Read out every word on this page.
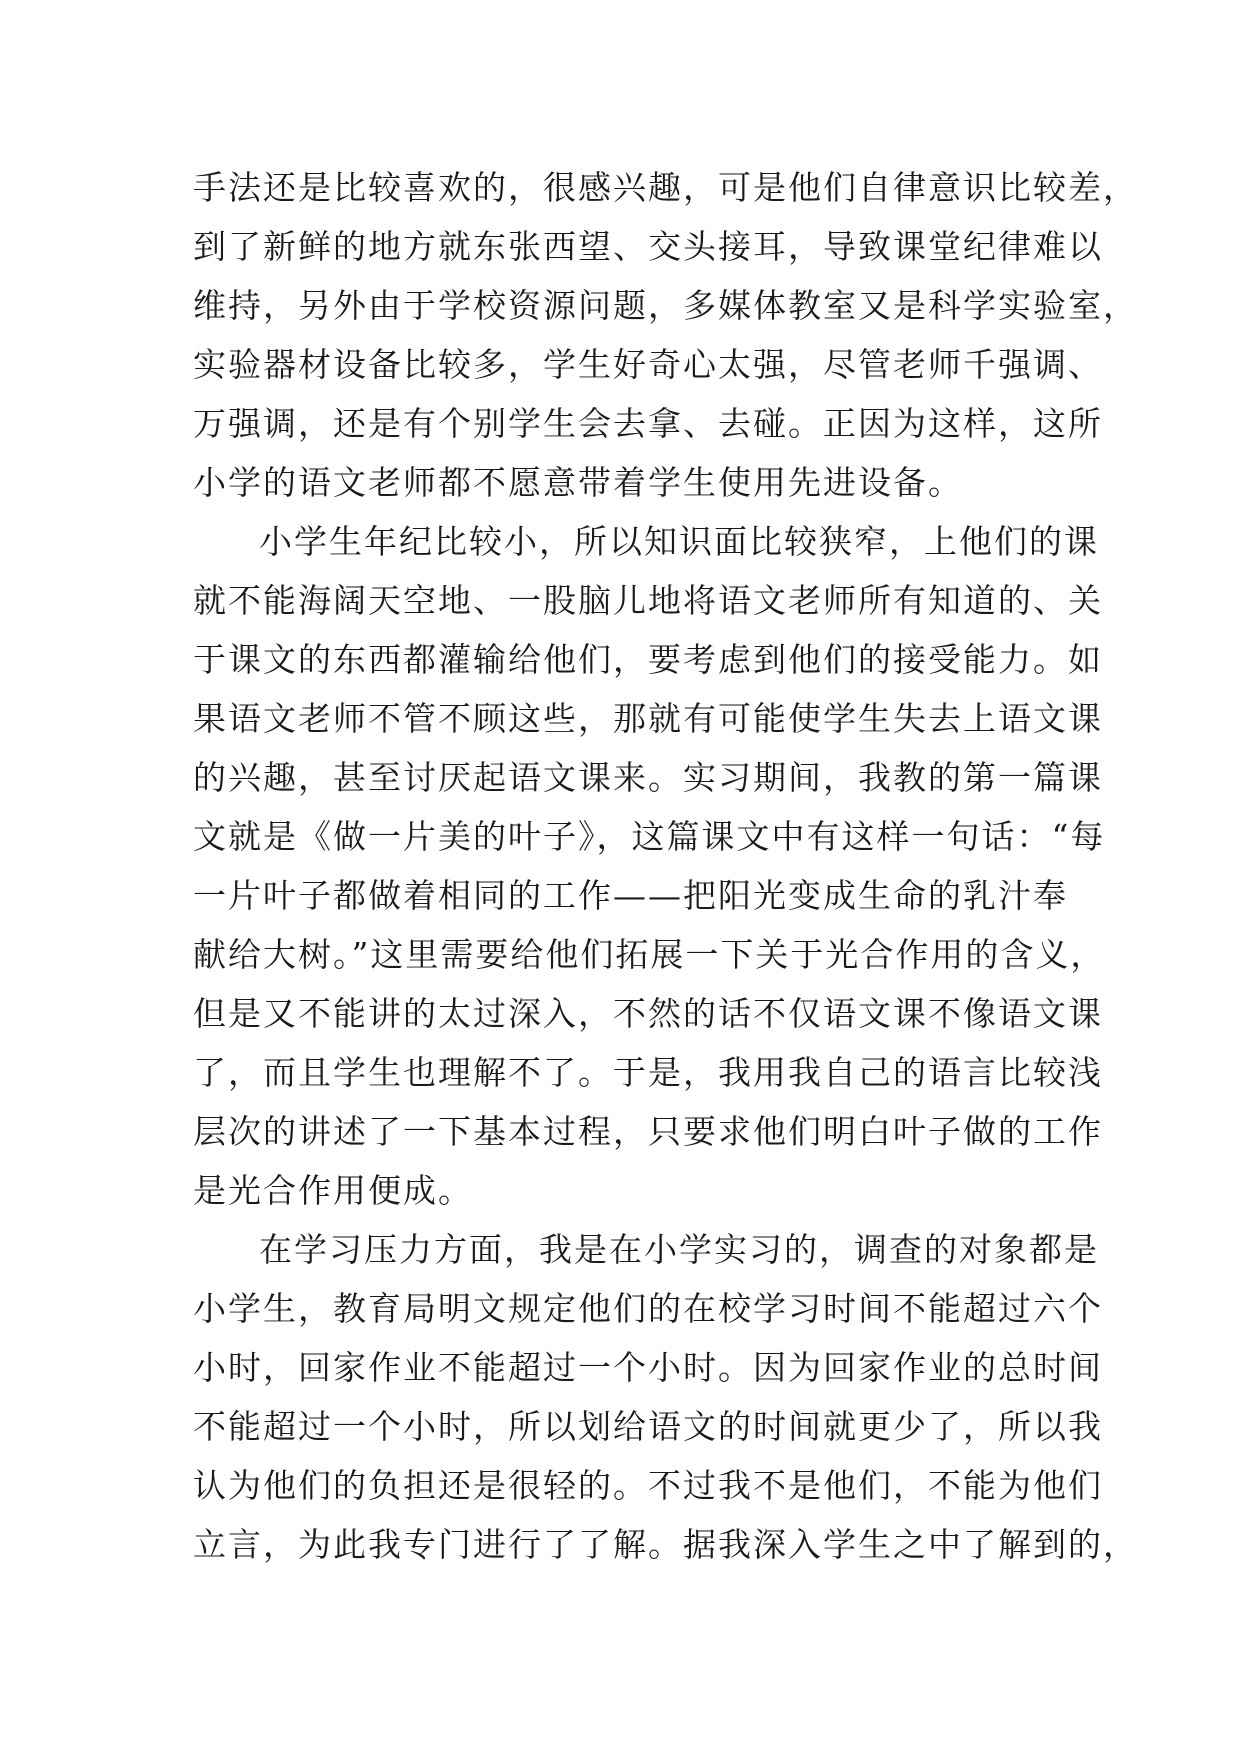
手法还是比较喜欢的，很感兴趣，可是他们自律意识比较差，
到了新鲜的地方就东张西望、交头接耳，导致课堂纪律难以
维持，另外由于学校资源问题，多媒体教室又是科学实验室，
实验器材设备比较多，学生好奇心太强，尽管老师千强调、
万强调，还是有个别学生会去拿、去碰。正因为这样，这所
小学的语文老师都不愿意带着学生使用先进设备。
小学生年纪比较小，所以知识面比较狭窄，上他们的课
就不能海阔天空地、一股脑儿地将语文老师所有知道的、关
于课文的东西都灌输给他们，要考虑到他们的接受能力。如
果语文老师不管不顾这些，那就有可能使学生失去上语文课
的兴趣，甚至讨厌起语文课来。实习期间，我教的第一篇课
文就是《做一片美的叶子》，这篇课文中有这样一句话：“每
一片叶子都做着相同的工作——把阳光变成生命的乳汁奉
献给大树。”这里需要给他们拓展一下关于光合作用的含义，
但是又不能讲的太过深入，不然的话不仅语文课不像语文课
了，而且学生也理解不了。于是，我用我自己的语言比较浅
层次的讲述了一下基本过程，只要求他们明白叶子做的工作
是光合作用便成。
在学习压力方面，我是在小学实习的，调查的对象都是
小学生，教育局明文规定他们的在校学习时间不能超过六个
小时，回家作业不能超过一个小时。因为回家作业的总时间
不能超过一个小时，所以划给语文的时间就更少了，所以我
认为他们的负担还是很轻的。不过我不是他们，不能为他们
立言，为此我专门进行了了解。据我深入学生之中了解到的，
